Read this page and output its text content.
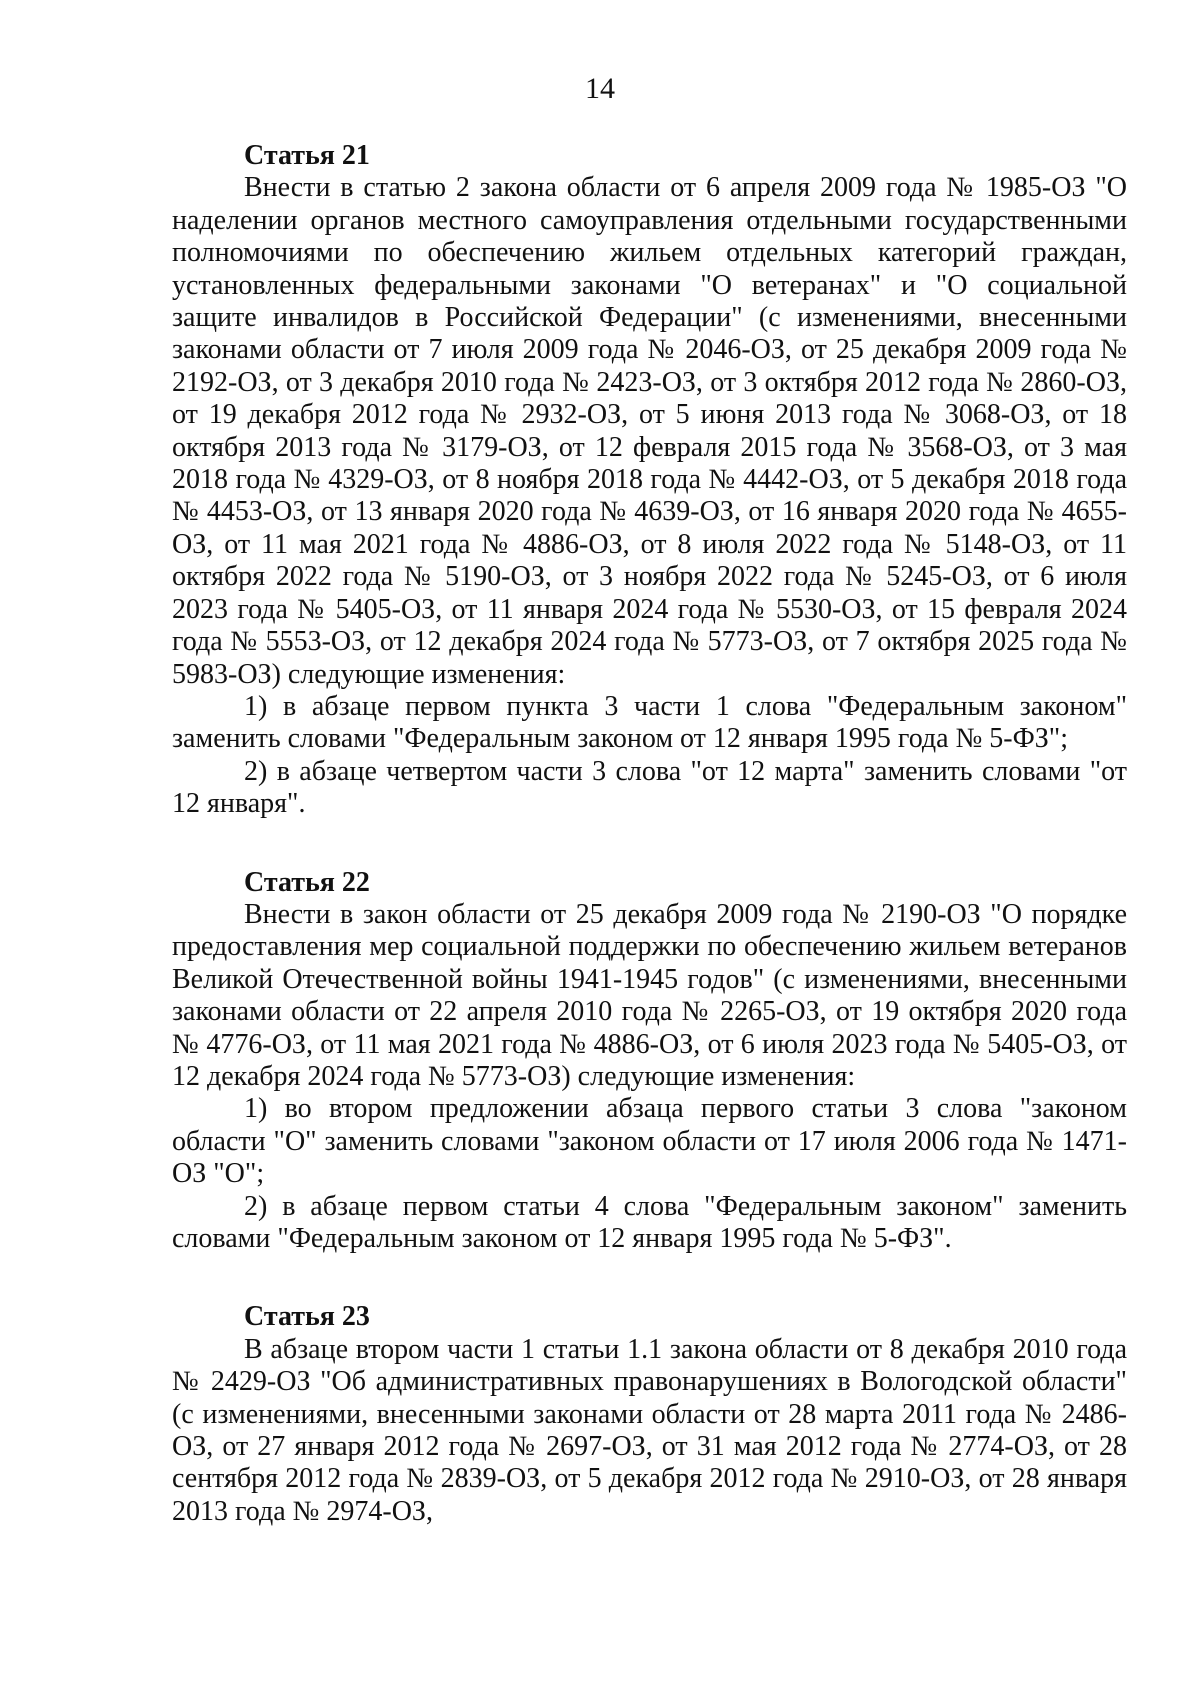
14

Статья 21

Внести в статью 2 закона области от 6 апреля 2009 года № 1985-ОЗ "О наделении органов местного самоуправления отдельными государственными полномочиями по обеспечению жильем отдельных категорий граждан, установленных федеральными законами "О ветеранах" и "О социальной защите инвалидов в Российской Федерации" (с изменениями, внесенными законами области от 7 июля 2009 года № 2046-ОЗ, от 25 декабря 2009 года № 2192-ОЗ, от 3 декабря 2010 года № 2423-ОЗ, от 3 октября 2012 года № 2860-ОЗ, от 19 декабря 2012 года № 2932-ОЗ, от 5 июня 2013 года № 3068-ОЗ, от 18 октября 2013 года № 3179-ОЗ, от 12 февраля 2015 года № 3568-ОЗ, от 3 мая 2018 года № 4329-ОЗ, от 8 ноября 2018 года № 4442-ОЗ, от 5 декабря 2018 года № 4453-ОЗ, от 13 января 2020 года № 4639-ОЗ, от 16 января 2020 года № 4655-ОЗ, от 11 мая 2021 года № 4886-ОЗ, от 8 июля 2022 года № 5148-ОЗ, от 11 октября 2022 года № 5190-ОЗ, от 3 ноября 2022 года № 5245-ОЗ, от 6 июля 2023 года № 5405-ОЗ, от 11 января 2024 года № 5530-ОЗ, от 15 февраля 2024 года № 5553-ОЗ, от 12 декабря 2024 года № 5773-ОЗ, от 7 октября 2025 года № 5983-ОЗ) следующие изменения:

1) в абзаце первом пункта 3 части 1 слова "Федеральным законом" заменить словами "Федеральным законом от 12 января 1995 года № 5-ФЗ";

2) в абзаце четвертом части 3 слова "от 12 марта" заменить словами "от 12 января".

Статья 22

Внести в закон области от 25 декабря 2009 года № 2190-ОЗ "О порядке предоставления мер социальной поддержки по обеспечению жильем ветеранов Великой Отечественной войны 1941-1945 годов" (с изменениями, внесенными законами области от 22 апреля 2010 года № 2265-ОЗ, от 19 октября 2020 года № 4776-ОЗ, от 11 мая 2021 года № 4886-ОЗ, от 6 июля 2023 года № 5405-ОЗ, от 12 декабря 2024 года № 5773-ОЗ) следующие изменения:

1) во втором предложении абзаца первого статьи 3 слова "законом области "О" заменить словами "законом области от 17 июля 2006 года № 1471-ОЗ "О";

2) в абзаце первом статьи 4 слова "Федеральным законом" заменить словами "Федеральным законом от 12 января 1995 года № 5-ФЗ".

Статья 23

В абзаце втором части 1 статьи 1.1 закона области от 8 декабря 2010 года № 2429-ОЗ "Об административных правонарушениях в Вологодской области" (с изменениями, внесенными законами области от 28 марта 2011 года № 2486-ОЗ, от 27 января 2012 года № 2697-ОЗ, от 31 мая 2012 года № 2774-ОЗ, от 28 сентября 2012 года № 2839-ОЗ, от 5 декабря 2012 года № 2910-ОЗ, от 28 января 2013 года № 2974-ОЗ,
